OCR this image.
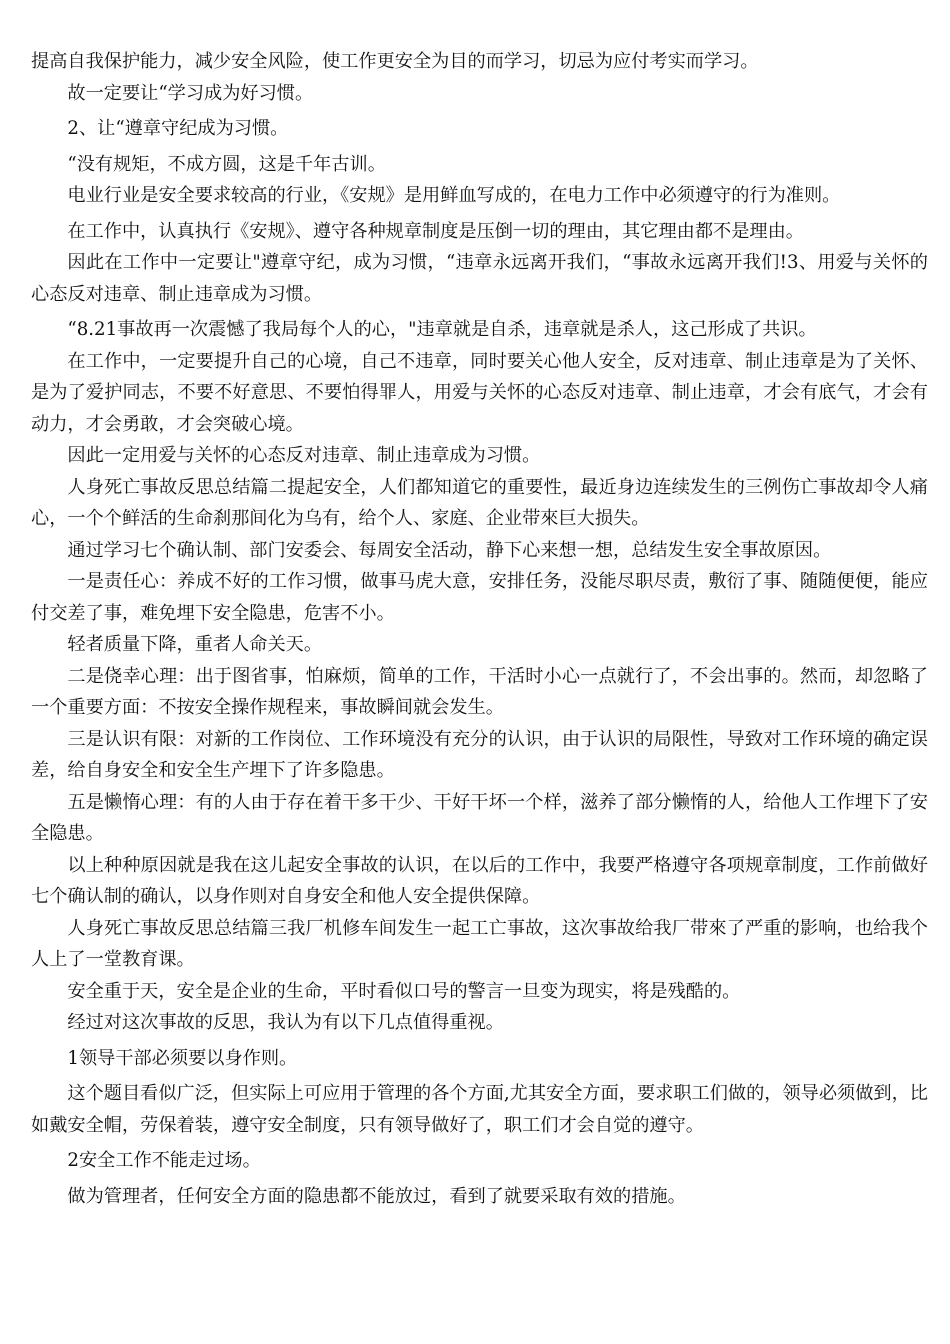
提高自我保护能力，减少安全风险，使工作更安全为目的而学习，切忌为应付考实而学习。

故一定要让“学习成为好习惯。

2、让“遵章守纪成为习惯。

“没有规矩，不成方圆，这是千年古训。

电业行业是安全要求较高的行业，《安规》是用鲜血写成的，在电力工作中必须遵守的行为准则。

在工作中，认真执行《安规》、遵守各种规章制度是压倒一切的理由，其它理由都不是理由。

因此在工作中一定要让"遵章守纪，成为习惯，“违章永远离开我们，“事故永远离开我们!3、用爱与关怀的心态反对违章、制止违章成为习惯。

“8.21事故再一次震憾了我局每个人的心，"违章就是自杀，违章就是杀人，这己形成了共识。

在工作中，一定要提升自己的心境，自己不违章，同时要关心他人安全，反对违章、制止违章是为了关怀、是为了爱护同志，不要不好意思、不要怕得罪人，用爱与关怀的心态反对违章、制止违章，才会有底气，才会有动力，才会勇敢，才会突破心境。

因此一定用爱与关怀的心态反对违章、制止违章成为习惯。

人身死亡事故反思总结篇二提起安全，人们都知道它的重要性，最近身边连续发生的三例伤亡事故却令人痛心，一个个鲜活的生命刹那间化为乌有，给个人、家庭、企业带來巨大损失。

通过学习七个确认制、部门安委会、每周安全活动，静下心来想一想，总结发生安全事故原因。

一是责任心：养成不好的工作习惯，做事马虎大意，安排任务，没能尽职尽责，敷衍了事、随随便便，能应付交差了事，难免埋下安全隐患，危害不小。

轻者质量下降，重者人命关天。

二是侥幸心理：出于图省事，怕麻烦，简单的工作，干活时小心一点就行了，不会出事的。然而，却忽略了一个重要方面：不按安全操作规程来，事故瞬间就会发生。

三是认识有限：对新的工作岗位、工作环境没有充分的认识，由于认识的局限性，导致对工作环境的确定误差，给自身安全和安全生产埋下了许多隐患。

五是懒惰心理：有的人由于存在着干多干少、干好干坏一个样，滋养了部分懒惰的人，给他人工作埋下了安全隐患。

以上种种原因就是我在这儿起安全事故的认识，在以后的工作中，我要严格遵守各项规章制度，工作前做好七个确认制的确认，以身作则对自身安全和他人安全提供保障。

人身死亡事故反思总结篇三我厂机修车间发生一起工亡事故，这次事故给我厂带來了严重的影响，也给我个人上了一堂教育课。

安全重于天，安全是企业的生命，平时看似口号的警言一旦变为现实，将是残酷的。

经过对这次事故的反思，我认为有以下几点值得重视。

1领导干部必须要以身作则。

这个题目看似广泛，但实际上可应用于管理的各个方面,尤其安全方面，要求职工们做的，领导必须做到，比如戴安全帽，劳保着装，遵守安全制度，只有领导做好了，职工们才会自觉的遵守。

2安全工作不能走过场。

做为管理者，任何安全方面的隐患都不能放过，看到了就要采取有效的措施。
